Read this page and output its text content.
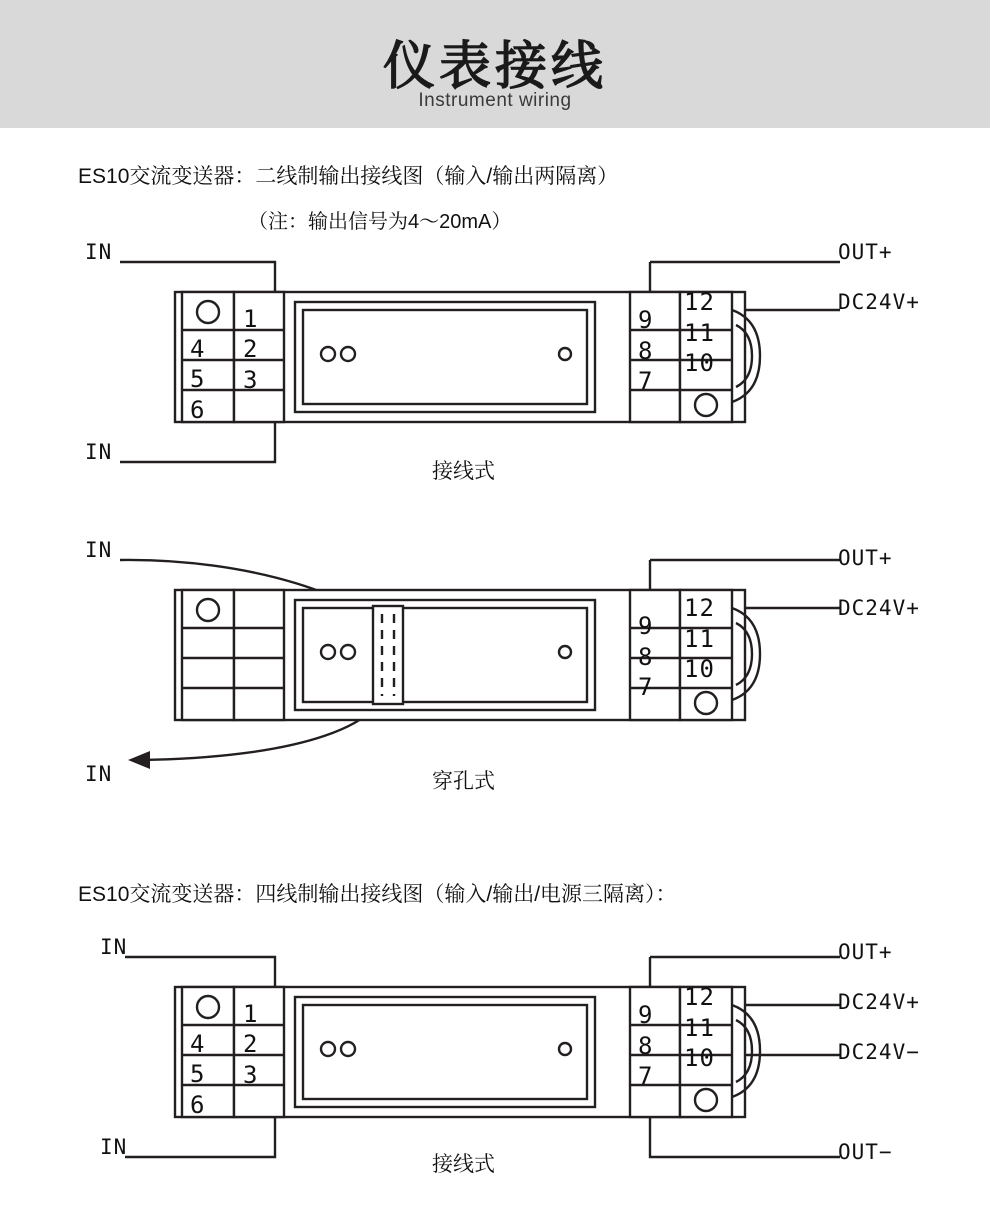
仪表接线
Instrument wiring
ES10交流变送器：二线制输出接线图（输入/输出两隔离）
（注：输出信号为4～20mA）
IN
IN
OUT+
DC24V+
4
5
6
1
2
3
9
8
7
12
11
10
接线式
IN
IN
OUT+
DC24V+
9
8
7
12
11
10
穿孔式
ES10交流变送器：四线制输出接线图（输入/输出/电源三隔离）：
IN
IN
OUT+
DC24V+
DC24V−
OUT−
4
5
6
1
2
3
9
8
7
12
11
10
接线式
